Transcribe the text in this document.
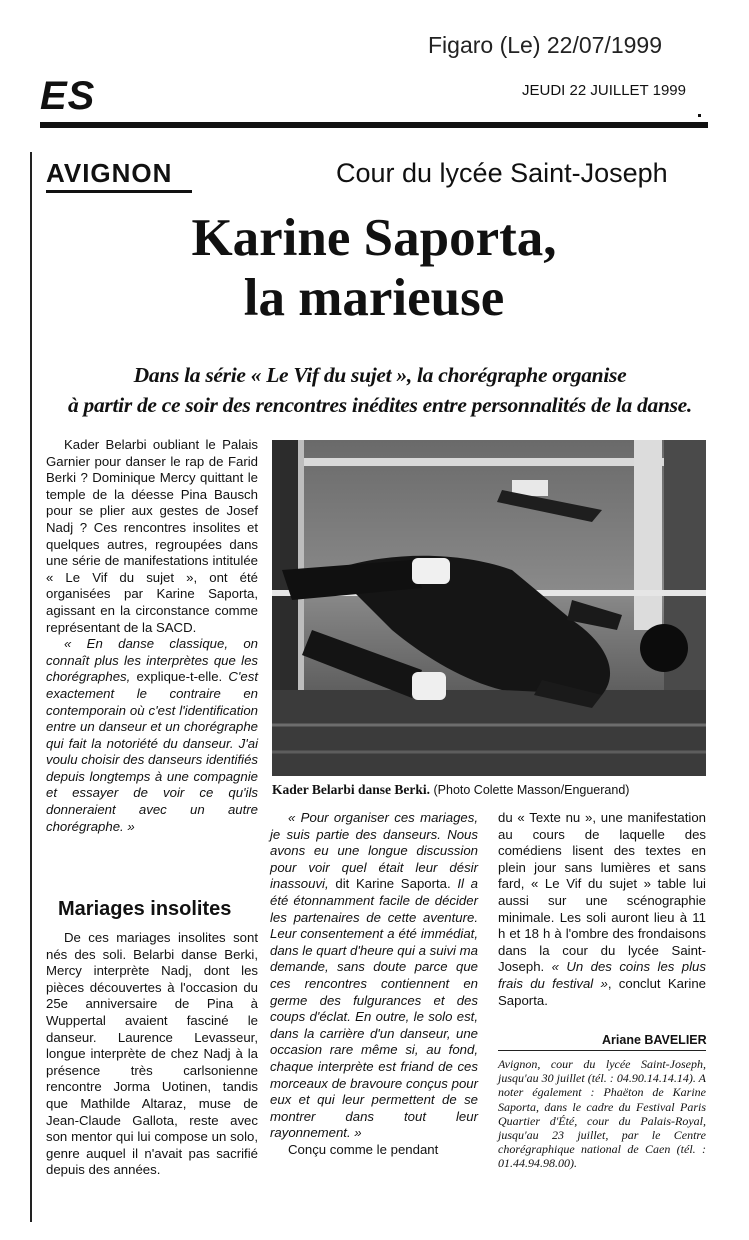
Figaro (Le) 22/07/1999
ES	JEUDI 22 JUILLET 1999
AVIGNON	Cour du lycée Saint-Joseph
Karine Saporta,
la marieuse
Dans la série « Le Vif du sujet », la chorégraphe organise
à partir de ce soir des rencontres inédites entre personnalités de la danse.

Kader Belarbi oubliant le Palais Garnier pour danser le rap de Farid Berki ? Dominique Mercy quittant le temple de la déesse Pina Bausch pour se plier aux gestes de Josef Nadj ? Ces rencontres insolites et quelques autres, regroupées dans une série de manifestations intitulée « Le Vif du sujet », ont été organisées par Karine Saporta, agissant en la circonstance comme représentant de la SACD.

« En danse classique, on connaît plus les interprètes que les chorégraphes, explique-t-elle. C'est exactement le contraire en contemporain où c'est l'identification entre un danseur et un chorégraphe qui fait la notoriété du danseur. J'ai voulu choisir des danseurs identifiés depuis longtemps à une compagnie et essayer de voir ce qu'ils donneraient avec un autre chorégraphe. »

Mariages insolites

De ces mariages insolites sont nés des soli. Belarbi danse Berki, Mercy interprète Nadj, dont les pièces découvertes à l'occasion du 25e anniversaire de Pina à Wuppertal avaient fasciné le danseur. Laurence Levasseur, longue interprète de chez Nadj à la présence très carlsonienne rencontre Jorma Uotinen, tandis que Mathilde Altaraz, muse de Jean-Claude Gallota, reste avec son mentor qui lui compose un solo, genre auquel il n'avait pas sacrifié depuis des années.

Kader Belarbi danse Berki. (Photo Colette Masson/Enguerand)

« Pour organiser ces mariages, je suis partie des danseurs. Nous avons eu une longue discussion pour voir quel était leur désir inassouvi, dit Karine Saporta. Il a été étonnamment facile de décider les partenaires de cette aventure. Leur consentement a été immédiat, dans le quart d'heure qui a suivi ma demande, sans doute parce que ces rencontres contiennent en germe des fulgurances et des coups d'éclat. En outre, le solo est, dans la carrière d'un danseur, une occasion rare même si, au fond, chaque interprète est friand de ces morceaux de bravoure conçus pour eux et qui leur permettent de se montrer dans tout leur rayonnement. »

Conçu comme le pendant

du « Texte nu », une manifestation au cours de laquelle des comédiens lisent des textes en plein jour sans lumières et sans fard, « Le Vif du sujet » table lui aussi sur une scénographie minimale. Les soli auront lieu à 11 h et 18 h à l'ombre des frondaisons dans la cour du lycée Saint-Joseph. « Un des coins les plus frais du festival », conclut Karine Saporta.

Ariane BAVELIER
Avignon, cour du lycée Saint-Joseph, jusqu'au 30 juillet (tél. : 04.90.14.14.14). A noter également : Phaëton de Karine Saporta, dans le cadre du Festival Paris Quartier d'Été, cour du Palais-Royal, jusqu'au 23 juillet, par le Centre chorégraphique national de Caen (tél. : 01.44.94.98.00).
